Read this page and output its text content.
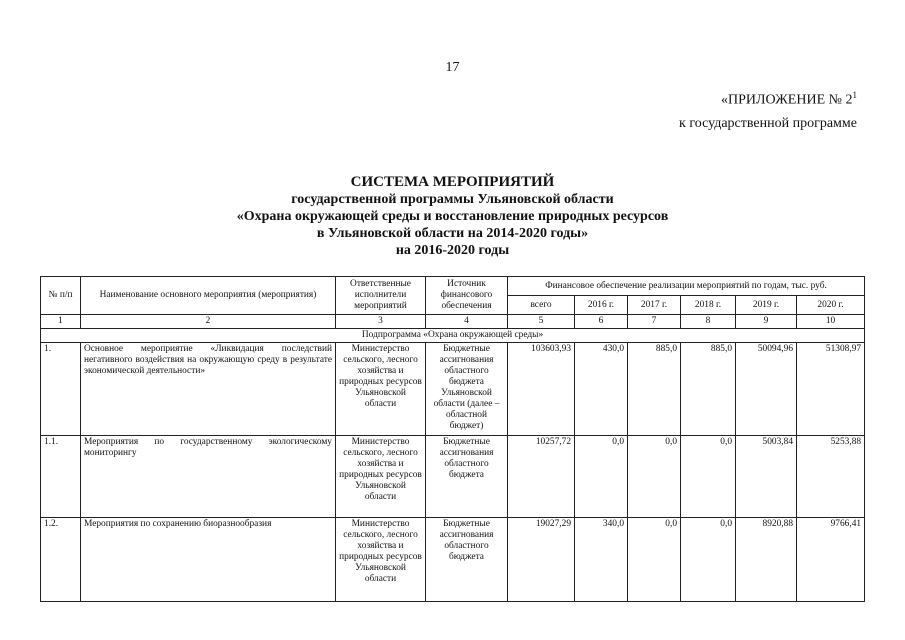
17
«ПРИЛОЖЕНИЕ № $2^1$
к государственной программе
СИСТЕМА МЕРОПРИЯТИЙ
государственной программы Ульяновской области
«Охрана окружающей среды и восстановление природных ресурсов
в Ульяновской области на 2014-2020 годы»
на 2016-2020 годы
№ п/п	Наименование основного мероприятия (мероприятия)	Ответственные исполнители мероприятий	Источник финансового обеспечения	Финансовое обеспечение реализации мероприятий по годам, тыс. руб.					
				всего	2016 г.	2017 г.	2018 г.	2019 г.	2020 г.
1	2	3	4	5	6	7	8	9	10
Подпрограмма «Охрана окружающей среды»									
1.	Основное мероприятие «Ликвидация последствий негативного воздействия на окружающую среду в результате экономической деятельности»	Министерство сельского, лесного хозяйства и природных ресурсов Ульяновской области	Бюджетные ассигнования областного бюджета Ульяновской области (далее – областной бюджет)	103603,93	430,0	885,0	885,0	50094,96	51308,97
1.1.	Мероприятия по государственному экологическому мониторингу	Министерство сельского, лесного хозяйства и природных ресурсов Ульяновской области	Бюджетные ассигнования областного бюджета	10257,72	0,0	0,0	0,0	5003,84	5253,88
1.2.	Мероприятия по сохранению биоразнообразия	Министерство сельского, лесного хозяйства и природных ресурсов Ульяновской области	Бюджетные ассигнования областного бюджета	19027,29	340,0	0,0	0,0	8920,88	9766,41
